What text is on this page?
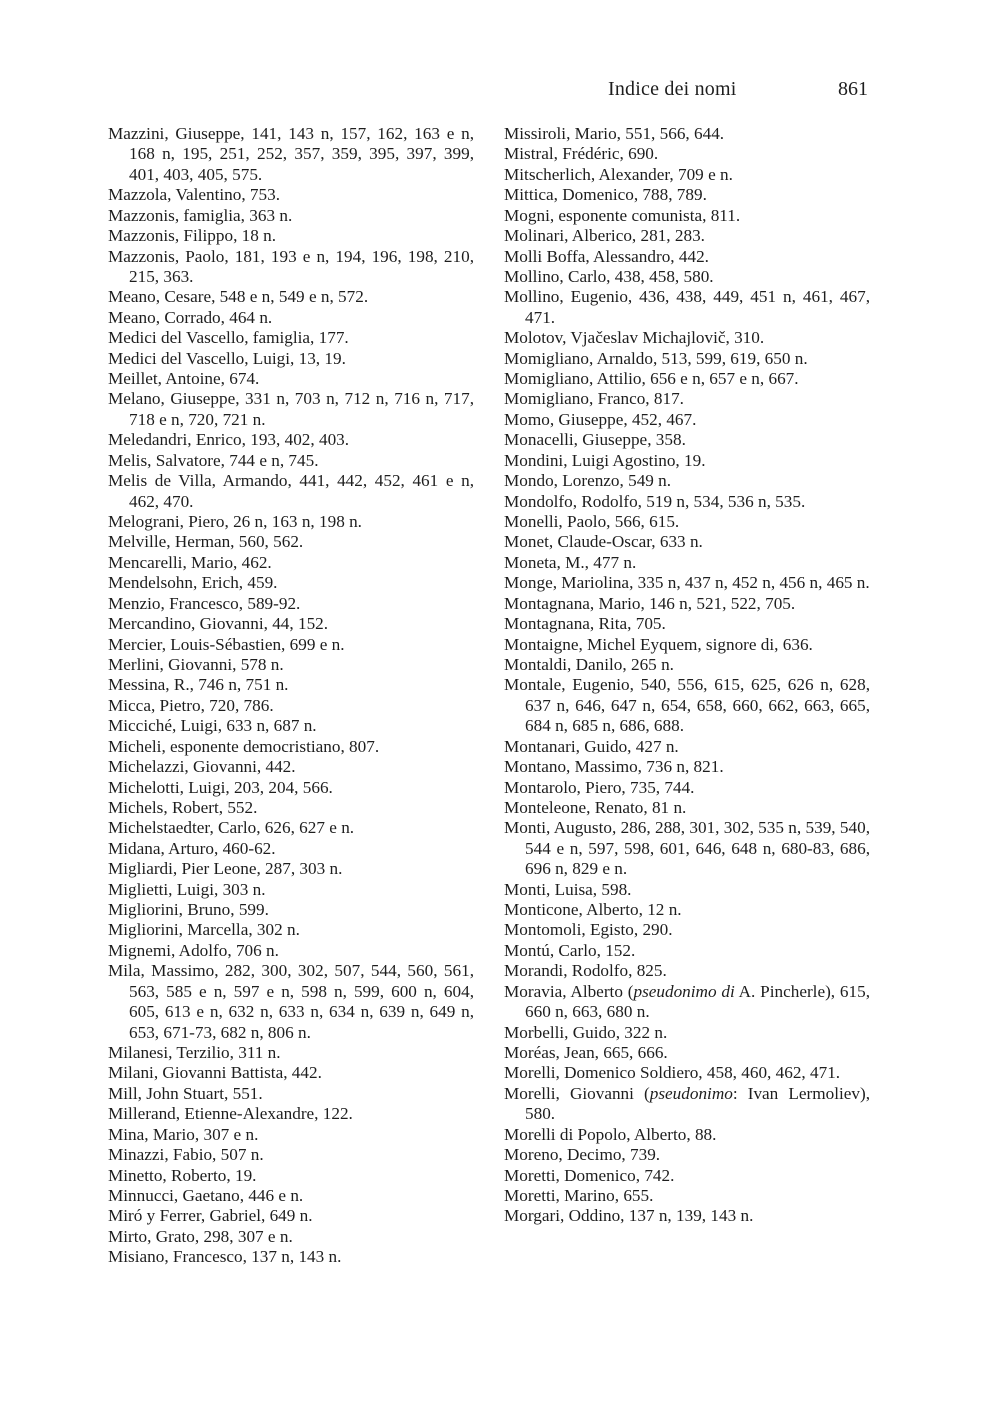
Indice dei nomi	861

Mazzini, Giuseppe, 141, 143 n, 157, 162, 163 e n, 168 n, 195, 251, 252, 357, 359, 395, 397, 399, 401, 403, 405, 575.

Mazzola, Valentino, 753.

Mazzonis, famiglia, 363 n.

Mazzonis, Filippo, 18 n.

Mazzonis, Paolo, 181, 193 e n, 194, 196, 198, 210, 215, 363.

Meano, Cesare, 548 e n, 549 e n, 572.

Meano, Corrado, 464 n.

Medici del Vascello, famiglia, 177.

Medici del Vascello, Luigi, 13, 19.

Meillet, Antoine, 674.

Melano, Giuseppe, 331 n, 703 n, 712 n, 716 n, 717, 718 e n, 720, 721 n.

Meledandri, Enrico, 193, 402, 403.

Melis, Salvatore, 744 e n, 745.

Melis de Villa, Armando, 441, 442, 452, 461 e n, 462, 470.

Melograni, Piero, 26 n, 163 n, 198 n.

Melville, Herman, 560, 562.

Mencarelli, Mario, 462.

Mendelsohn, Erich, 459.

Menzio, Francesco, 589-92.

Mercandino, Giovanni, 44, 152.

Mercier, Louis-Sébastien, 699 e n.

Merlini, Giovanni, 578 n.

Messina, R., 746 n, 751 n.

Micca, Pietro, 720, 786.

Micciché, Luigi, 633 n, 687 n.

Micheli, esponente democristiano, 807.

Michelazzi, Giovanni, 442.

Michelotti, Luigi, 203, 204, 566.

Michels, Robert, 552.

Michelstaedter, Carlo, 626, 627 e n.

Midana, Arturo, 460-62.

Migliardi, Pier Leone, 287, 303 n.

Miglietti, Luigi, 303 n.

Migliorini, Bruno, 599.

Migliorini, Marcella, 302 n.

Mignemi, Adolfo, 706 n.

Mila, Massimo, 282, 300, 302, 507, 544, 560, 561, 563, 585 e n, 597 e n, 598 n, 599, 600 n, 604, 605, 613 e n, 632 n, 633 n, 634 n, 639 n, 649 n, 653, 671-73, 682 n, 806 n.

Milanesi, Terzilio, 311 n.

Milani, Giovanni Battista, 442.

Mill, John Stuart, 551.

Millerand, Etienne-Alexandre, 122.

Mina, Mario, 307 e n.

Minazzi, Fabio, 507 n.

Minetto, Roberto, 19.

Minnucci, Gaetano, 446 e n.

Miró y Ferrer, Gabriel, 649 n.

Mirto, Grato, 298, 307 e n.

Misiano, Francesco, 137 n, 143 n.

Missiroli, Mario, 551, 566, 644.

Mistral, Frédéric, 690.

Mitscherlich, Alexander, 709 e n.

Mittica, Domenico, 788, 789.

Mogni, esponente comunista, 811.

Molinari, Alberico, 281, 283.

Molli Boffa, Alessandro, 442.

Mollino, Carlo, 438, 458, 580.

Mollino, Eugenio, 436, 438, 449, 451 n, 461, 467, 471.

Molotov, Vjačeslav Michajlovič, 310.

Momigliano, Arnaldo, 513, 599, 619, 650 n.

Momigliano, Attilio, 656 e n, 657 e n, 667.

Momigliano, Franco, 817.

Momo, Giuseppe, 452, 467.

Monacelli, Giuseppe, 358.

Mondini, Luigi Agostino, 19.

Mondo, Lorenzo, 549 n.

Mondolfo, Rodolfo, 519 n, 534, 536 n, 535.

Monelli, Paolo, 566, 615.

Monet, Claude-Oscar, 633 n.

Moneta, M., 477 n.

Monge, Mariolina, 335 n, 437 n, 452 n, 456 n, 465 n.

Montagnana, Mario, 146 n, 521, 522, 705.

Montagnana, Rita, 705.

Montaigne, Michel Eyquem, signore di, 636.

Montaldi, Danilo, 265 n.

Montale, Eugenio, 540, 556, 615, 625, 626 n, 628, 637 n, 646, 647 n, 654, 658, 660, 662, 663, 665, 684 n, 685 n, 686, 688.

Montanari, Guido, 427 n.

Montano, Massimo, 736 n, 821.

Montarolo, Piero, 735, 744.

Monteleone, Renato, 81 n.

Monti, Augusto, 286, 288, 301, 302, 535 n, 539, 540, 544 e n, 597, 598, 601, 646, 648 n, 680-83, 686, 696 n, 829 e n.

Monti, Luisa, 598.

Monticone, Alberto, 12 n.

Montomoli, Egisto, 290.

Montú, Carlo, 152.

Morandi, Rodolfo, 825.

Moravia, Alberto (pseudonimo di A. Pincherle), 615, 660 n, 663, 680 n.

Morbelli, Guido, 322 n.

Moréas, Jean, 665, 666.

Morelli, Domenico Soldiero, 458, 460, 462, 471.

Morelli, Giovanni (pseudonimo: Ivan Lermoliev), 580.

Morelli di Popolo, Alberto, 88.

Moreno, Decimo, 739.

Moretti, Domenico, 742.

Moretti, Marino, 655.

Morgari, Oddino, 137 n, 139, 143 n.
